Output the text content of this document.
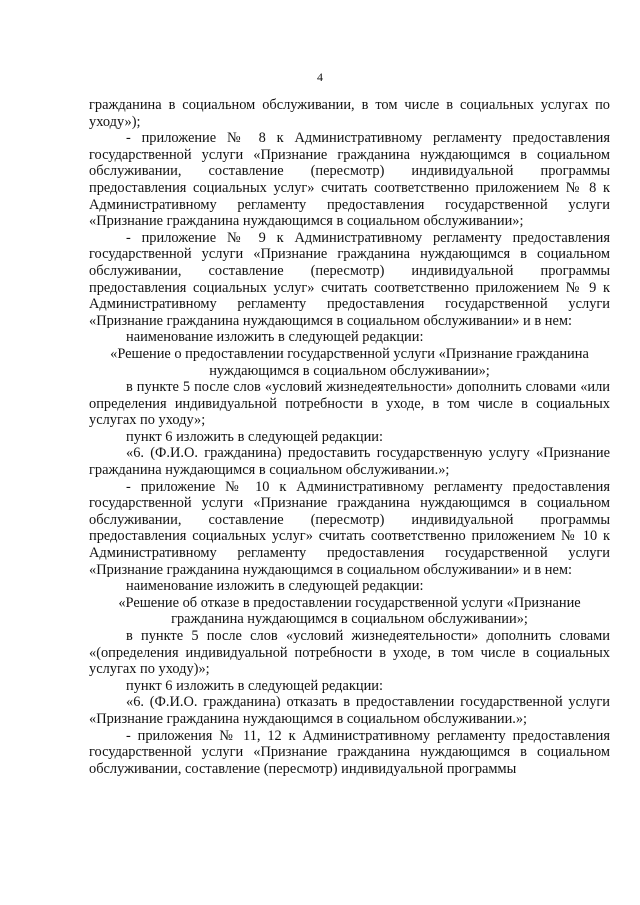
4

гражданина в социальном обслуживании, в том числе в социальных услугах по уходу»);

- приложение № 8 к Административному регламенту предоставления государственной услуги «Признание гражданина нуждающимся в социальном обслуживании, составление (пересмотр) индивидуальной программы предоставления социальных услуг» считать соответственно приложением № 8 к Административному регламенту предоставления государственной услуги «Признание гражданина нуждающимся в социальном обслуживании»;

- приложение № 9 к Административному регламенту предоставления государственной услуги «Признание гражданина нуждающимся в социальном обслуживании, составление (пересмотр) индивидуальной программы предоставления социальных услуг» считать соответственно приложением № 9 к Административному регламенту предоставления государственной услуги «Признание гражданина нуждающимся в социальном обслуживании» и в нем:

наименование изложить в следующей редакции:

«Решение о предоставлении государственной услуги «Признание гражданина нуждающимся в социальном обслуживании»;

в пункте 5 после слов «условий жизнедеятельности» дополнить словами «или определения индивидуальной потребности в уходе, в том числе в социальных услугах по уходу»;

пункт 6 изложить в следующей редакции:

«6. (Ф.И.О. гражданина) предоставить государственную услугу «Признание гражданина нуждающимся в социальном обслуживании.»;

- приложение № 10 к Административному регламенту предоставления государственной услуги «Признание гражданина нуждающимся в социальном обслуживании, составление (пересмотр) индивидуальной программы предоставления социальных услуг» считать соответственно приложением № 10 к Административному регламенту предоставления государственной услуги «Признание гражданина нуждающимся в социальном обслуживании» и в нем:

наименование изложить в следующей редакции:

«Решение об отказе в предоставлении государственной услуги «Признание гражданина нуждающимся в социальном обслуживании»;

в пункте 5 после слов «условий жизнедеятельности» дополнить словами «(определения индивидуальной потребности в уходе, в том числе в социальных услугах по уходу)»;

пункт 6 изложить в следующей редакции:

«6. (Ф.И.О. гражданина) отказать в предоставлении государственной услуги «Признание гражданина нуждающимся в социальном обслуживании.»;

- приложения № 11, 12 к Административному регламенту предоставления государственной услуги «Признание гражданина нуждающимся в социальном обслуживании, составление (пересмотр) индивидуальной программы
